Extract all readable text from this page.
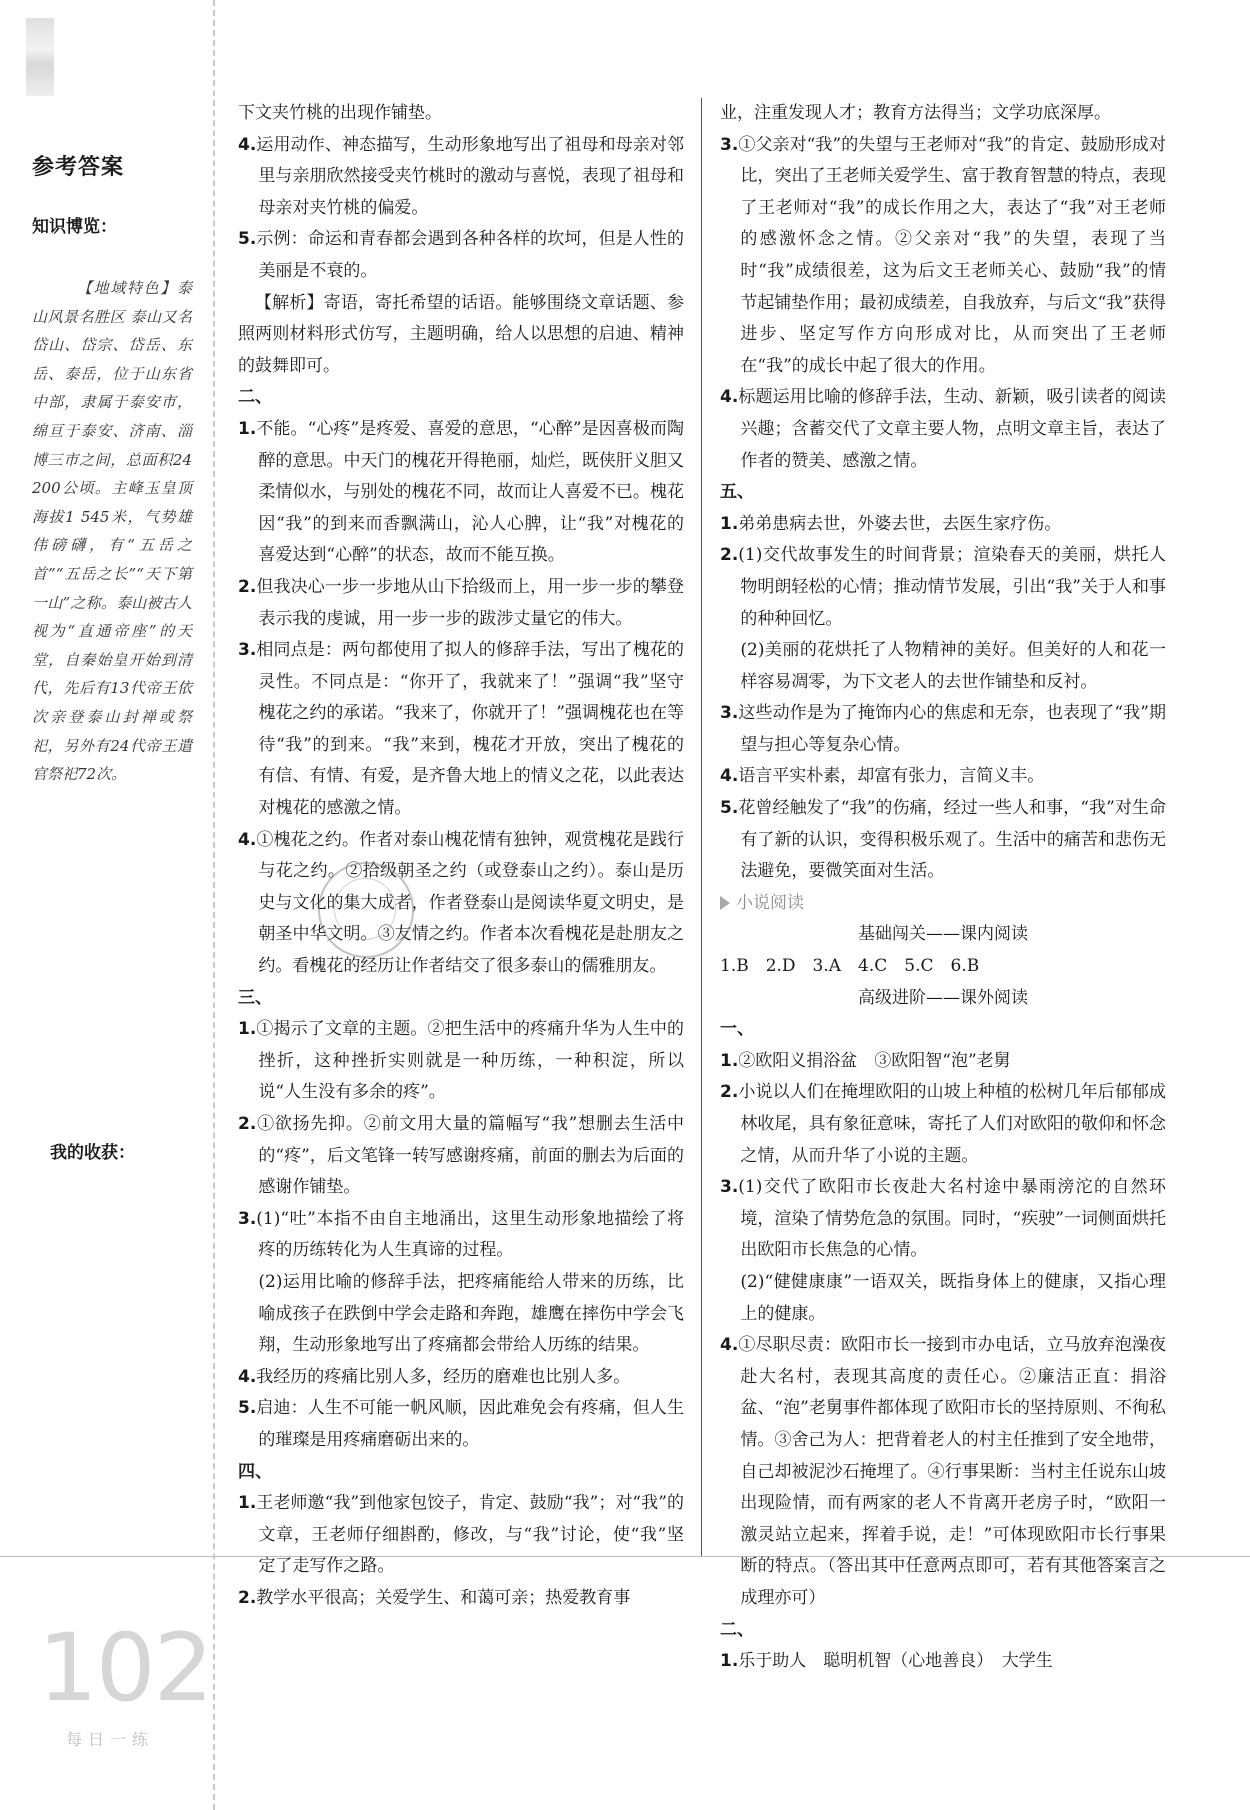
参考答案
知识博览：
【地域特色】泰山风景名胜区 泰山又名岱山、岱宗、岱岳、东岳、泰岳，位于山东省中部，隶属于泰安市，绵亘于泰安、济南、淄博三市之间，总面积24 200公顷。主峰玉皇顶海拔1 545米，气势雄伟磅礴，有“五岳之首”“五岳之长”“天下第一山”之称。泰山被古人视为“直通帝座”的天堂，自秦始皇开始到清代，先后有13代帝王依次亲登泰山封禅或祭祀，另外有24代帝王遣官祭祀72次。
我的收获：
102
每日一练
下文夹竹桃的出现作铺垫。
4.运用动作、神态描写，生动形象地写出了祖母和母亲对邻里与亲朋欣然接受夹竹桃时的激动与喜悦，表现了祖母和母亲对夹竹桃的偏爱。
5.示例：命运和青春都会遇到各种各样的坎坷，但是人性的美丽是不衰的。
【解析】寄语，寄托希望的话语。能够围绕文章话题、参照两则材料形式仿写，主题明确，给人以思想的启迪、精神的鼓舞即可。
二、
1.不能。“心疼”是疼爱、喜爱的意思，“心醉”是因喜极而陶醉的意思。中天门的槐花开得艳丽，灿烂，既侠肝义胆又柔情似水，与别处的槐花不同，故而让人喜爱不已。槐花因“我”的到来而香飘满山，沁人心脾，让“我”对槐花的喜爱达到“心醉”的状态，故而不能互换。
2.但我决心一步一步地从山下拾级而上，用一步一步的攀登表示我的虔诚，用一步一步的跋涉丈量它的伟大。
3.相同点是：两句都使用了拟人的修辞手法，写出了槐花的灵性。不同点是：“你开了，我就来了！”强调“我”坚守槐花之约的承诺。“我来了，你就开了！”强调槐花也在等待“我”的到来。“我”来到，槐花才开放，突出了槐花的有信、有情、有爱，是齐鲁大地上的情义之花，以此表达对槐花的感激之情。
4.①槐花之约。作者对泰山槐花情有独钟，观赏槐花是践行与花之约。②拾级朝圣之约（或登泰山之约）。泰山是历史与文化的集大成者，作者登泰山是阅读华夏文明史，是朝圣中华文明。③友情之约。作者本次看槐花是赴朋友之约。看槐花的经历让作者结交了很多泰山的儒雅朋友。
三、
1.①揭示了文章的主题。②把生活中的疼痛升华为人生中的挫折，这种挫折实则就是一种历练，一种积淀，所以说“人生没有多余的疼”。
2.①欲扬先抑。②前文用大量的篇幅写“我”想删去生活中的“疼”，后文笔锋一转写感谢疼痛，前面的删去为后面的感谢作铺垫。
3.(1)“吐”本指不由自主地涌出，这里生动形象地描绘了将疼的历练转化为人生真谛的过程。
(2)运用比喻的修辞手法，把疼痛能给人带来的历练，比喻成孩子在跌倒中学会走路和奔跑，雄鹰在摔伤中学会飞翔，生动形象地写出了疼痛都会带给人历练的结果。
4.我经历的疼痛比别人多，经历的磨难也比别人多。
5.启迪：人生不可能一帆风顺，因此难免会有疼痛，但人生的璀璨是用疼痛磨砺出来的。
四、
1.王老师邀“我”到他家包饺子，肯定、鼓励“我”；对“我”的文章，王老师仔细斟酌，修改，与“我”讨论，使“我”坚定了走写作之路。
2.教学水平很高；关爱学生、和蔼可亲；热爱教育事
业，注重发现人才；教育方法得当；文学功底深厚。
3.①父亲对“我”的失望与王老师对“我”的肯定、鼓励形成对比，突出了王老师关爱学生、富于教育智慧的特点，表现了王老师对“我”的成长作用之大，表达了“我”对王老师的感激怀念之情。②父亲对“我”的失望，表现了当时“我”成绩很差，这为后文王老师关心、鼓励“我”的情节起铺垫作用；最初成绩差，自我放弃，与后文“我”获得进步、坚定写作方向形成对比，从而突出了王老师在“我”的成长中起了很大的作用。
4.标题运用比喻的修辞手法，生动、新颖，吸引读者的阅读兴趣；含蓄交代了文章主要人物，点明文章主旨，表达了作者的赞美、感激之情。
五、
1.弟弟患病去世，外婆去世，去医生家疗伤。
2.(1)交代故事发生的时间背景；渲染春天的美丽，烘托人物明朗轻松的心情；推动情节发展，引出“我”关于人和事的种种回忆。
(2)美丽的花烘托了人物精神的美好。但美好的人和花一样容易凋零，为下文老人的去世作铺垫和反衬。
3.这些动作是为了掩饰内心的焦虑和无奈，也表现了“我”期望与担心等复杂心情。
4.语言平实朴素，却富有张力，言简义丰。
5.花曾经触发了“我”的伤痛，经过一些人和事，“我”对生命有了新的认识，变得积极乐观了。生活中的痛苦和悲伤无法避免，要微笑面对生活。
小说阅读
基础闯关——课内阅读
1.B　2.D　3.A　4.C　5.C　6.B
高级进阶——课外阅读
一、
1.②欧阳义捐浴盆　③欧阳智“泡”老舅
2.小说以人们在掩埋欧阳的山坡上种植的松树几年后郁郁成林收尾，具有象征意味，寄托了人们对欧阳的敬仰和怀念之情，从而升华了小说的主题。
3.(1)交代了欧阳市长夜赴大名村途中暴雨滂沱的自然环境，渲染了情势危急的氛围。同时，“疾驶”一词侧面烘托出欧阳市长焦急的心情。
(2)“健健康康”一语双关，既指身体上的健康，又指心理上的健康。
4.①尽职尽责：欧阳市长一接到市办电话，立马放弃泡澡夜赴大名村，表现其高度的责任心。②廉洁正直：捐浴盆、“泡”老舅事件都体现了欧阳市长的坚持原则、不徇私情。③舍己为人：把背着老人的村主任推到了安全地带，自己却被泥沙石掩埋了。④行事果断：当村主任说东山坡出现险情，而有两家的老人不肯离开老房子时，“欧阳一激灵站立起来，挥着手说，走！”可体现欧阳市长行事果断的特点。（答出其中任意两点即可，若有其他答案言之成理亦可）
二、
1.乐于助人　聪明机智（心地善良）　大学生
